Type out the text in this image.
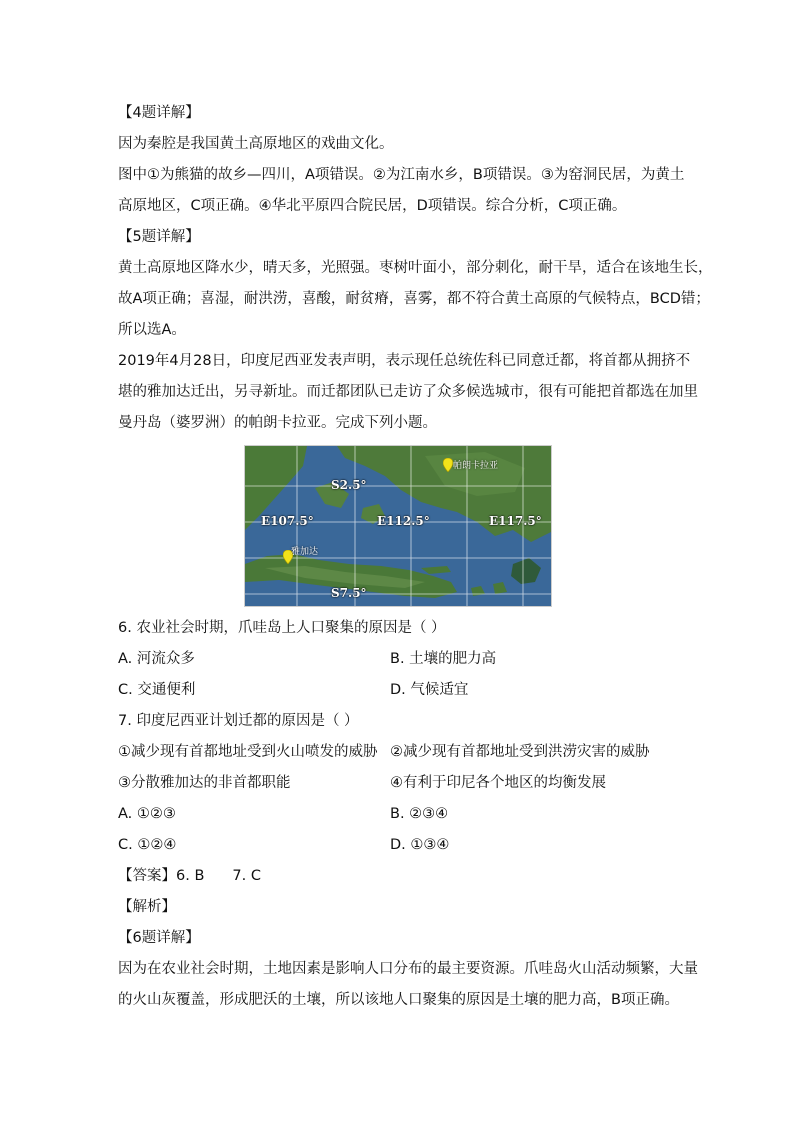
【4题详解】

因为秦腔是我国黄土高原地区的戏曲文化。

图中①为熊猫的故乡—四川，A项错误。②为江南水乡，B项错误。③为窑洞民居，为黄土

高原地区，C项正确。④华北平原四合院民居，D项错误。综合分析，C项正确。

【5题详解】

黄土高原地区降水少，晴天多，光照强。枣树叶面小，部分刺化，耐干旱，适合在该地生长，

故A项正确；喜湿，耐洪涝，喜酸，耐贫瘠，喜雾，都不符合黄土高原的气候特点，BCD错；

所以选A。

2019年4月28日，印度尼西亚发表声明，表示现任总统佐科已同意迁都，将首都从拥挤不

堪的雅加达迁出，另寻新址。而迁都团队已走访了众多候选城市，很有可能把首都选在加里

曼丹岛（婆罗洲）的帕朗卡拉亚。完成下列小题。

S2.5°
S7.5°
E107.5°	E112.5°	E117.5°
帕朗卡拉亚
雅加达

6. 农业社会时期，爪哇岛上人口聚集的原因是（ ）

A. 河流众多	B. 土壤的肥力高
C. 交通便利	D. 气候适宜

7. 印度尼西亚计划迁都的原因是（ ）

①减少现有首都地址受到火山喷发的威胁 ②减少现有首都地址受到洪涝灾害的威胁
③分散雅加达的非首都职能	④有利于印尼各个地区的均衡发展
A. ①②③	B. ②③④
C. ①②④	D. ①③④

【答案】6. B 7. C

【解析】

【6题详解】

因为在农业社会时期，土地因素是影响人口分布的最主要资源。爪哇岛火山活动频繁，大量

的火山灰覆盖，形成肥沃的土壤，所以该地人口聚集的原因是土壤的肥力高，B项正确。
